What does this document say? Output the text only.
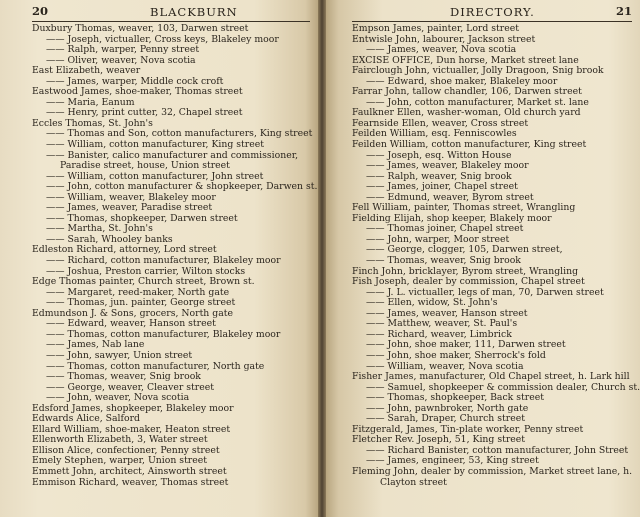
20	BLACKBURN
Duxbury Thomas, weaver, 103, Darwen street
—— Joseph, victualler, Cross keys, Blakeley moor
—— Ralph, warper, Penny street
—— Oliver, weaver, Nova scotia
East Elizabeth, weaver
—— James, warper, Middle cock croft
Eastwood James, shoe-maker, Thomas street
—— Maria, Eanum
—— Henry, print cutter, 32, Chapel street
Eccles Thomas, St. John's
—— Thomas and Son, cotton manufacturers, King street
—— William, cotton manufacturer, King street
—— Banister, calico manufacturer and commissioner,
Paradise street, house, Union street
—— William, cotton manufacturer, John street
—— John, cotton manufacturer & shopkeeper, Darwen st.
—— William, weaver, Blakeley moor
—— James, weaver, Paradise street
—— Thomas, shopkeeper, Darwen street
—— Martha, St. John's
—— Sarah, Whooley banks
Edleston Richard, attorney, Lord street
—— Richard, cotton manufacturer, Blakeley moor
—— Joshua, Preston carrier, Wilton stocks
Edge Thomas painter, Church street, Brown st.
—— Margaret, reed-maker, North gate
—— Thomas, jun. painter, George street
Edmundson J. & Sons, grocers, North gate
—— Edward, weaver, Hanson street
—— Thomas, cotton manufacturer, Blakeley moor
—— James, Nab lane
—— John, sawyer, Union street
—— Thomas, cotton manufacturer, North gate
—— Thomas, weaver, Snig brook
—— George, weaver, Cleaver street
—— John, weaver, Nova scotia
Edsford James, shopkeeper, Blakeley moor
Edwards Alice, Salford
Ellard William, shoe-maker, Heaton street
Ellenworth Elizabeth, 3, Water street
Ellison Alice, confectioner, Penny street
Emely Stephen, warper, Union street
Emmett John, architect, Ainsworth street
Emmison Richard, weaver, Thomas street
DIRECTORY.	21
Empson James, painter, Lord street
Entwisle John, labourer, Jackson street
—— James, weaver, Nova scotia
EXCISE OFFICE, Dun horse, Market street lane
Fairclough John, victualler, Jolly Dragoon, Snig brook
—— Edward, shoe maker, Blakeley moor
Farrar John, tallow chandler, 106, Darwen street
—— John, cotton manufacturer, Market st. lane
Faulkner Ellen, washer-woman, Old church yard
Fearnside Ellen, weaver, Cross street
Feilden William, esq. Fenniscowles
Feilden William, cotton manufacturer, King street
—— Joseph, esq. Witton House
—— James, weaver, Blakeley moor
—— Ralph, weaver, Snig brook
—— James, joiner, Chapel street
—— Edmund, weaver, Byrom street
Fell William, painter, Thomas street, Wrangling
Fielding Elijah, shop keeper, Blakely moor
—— Thomas joiner, Chapel street
—— John, warper, Moor street
—— George, clogger, 105, Darwen street,
—— Thomas, weaver, Snig brook
Finch John, bricklayer, Byrom street, Wrangling
Fish Joseph, dealer by commission, Chapel street
—— J. L. victualler, legs of man, 70, Darwen street
—— Ellen, widow, St. John's
—— James, weaver, Hanson street
—— Matthew, weaver, St. Paul's
—— Richard, weaver, Limbrick
—— John, shoe maker, 111, Darwen street
—— John, shoe maker, Sherrock's fold
—— William, weaver, Nova scotia
Fisher James, manufacturer, Old Chapel street, h. Lark hill
—— Samuel, shopkeeper & commission dealer, Church st.
—— Thomas, shopkeeper, Back street
—— John, pawnbroker, North gate
—— Sarah, Draper, Church street
Fitzgerald, James, Tin-plate worker, Penny street
Fletcher Rev. Joseph, 51, King street
—— Richard Banister, cotton manufacturer, John Street
—— James, engineer, 53, King street
Fleming John, dealer by commission, Market street lane, h.
Clayton street
